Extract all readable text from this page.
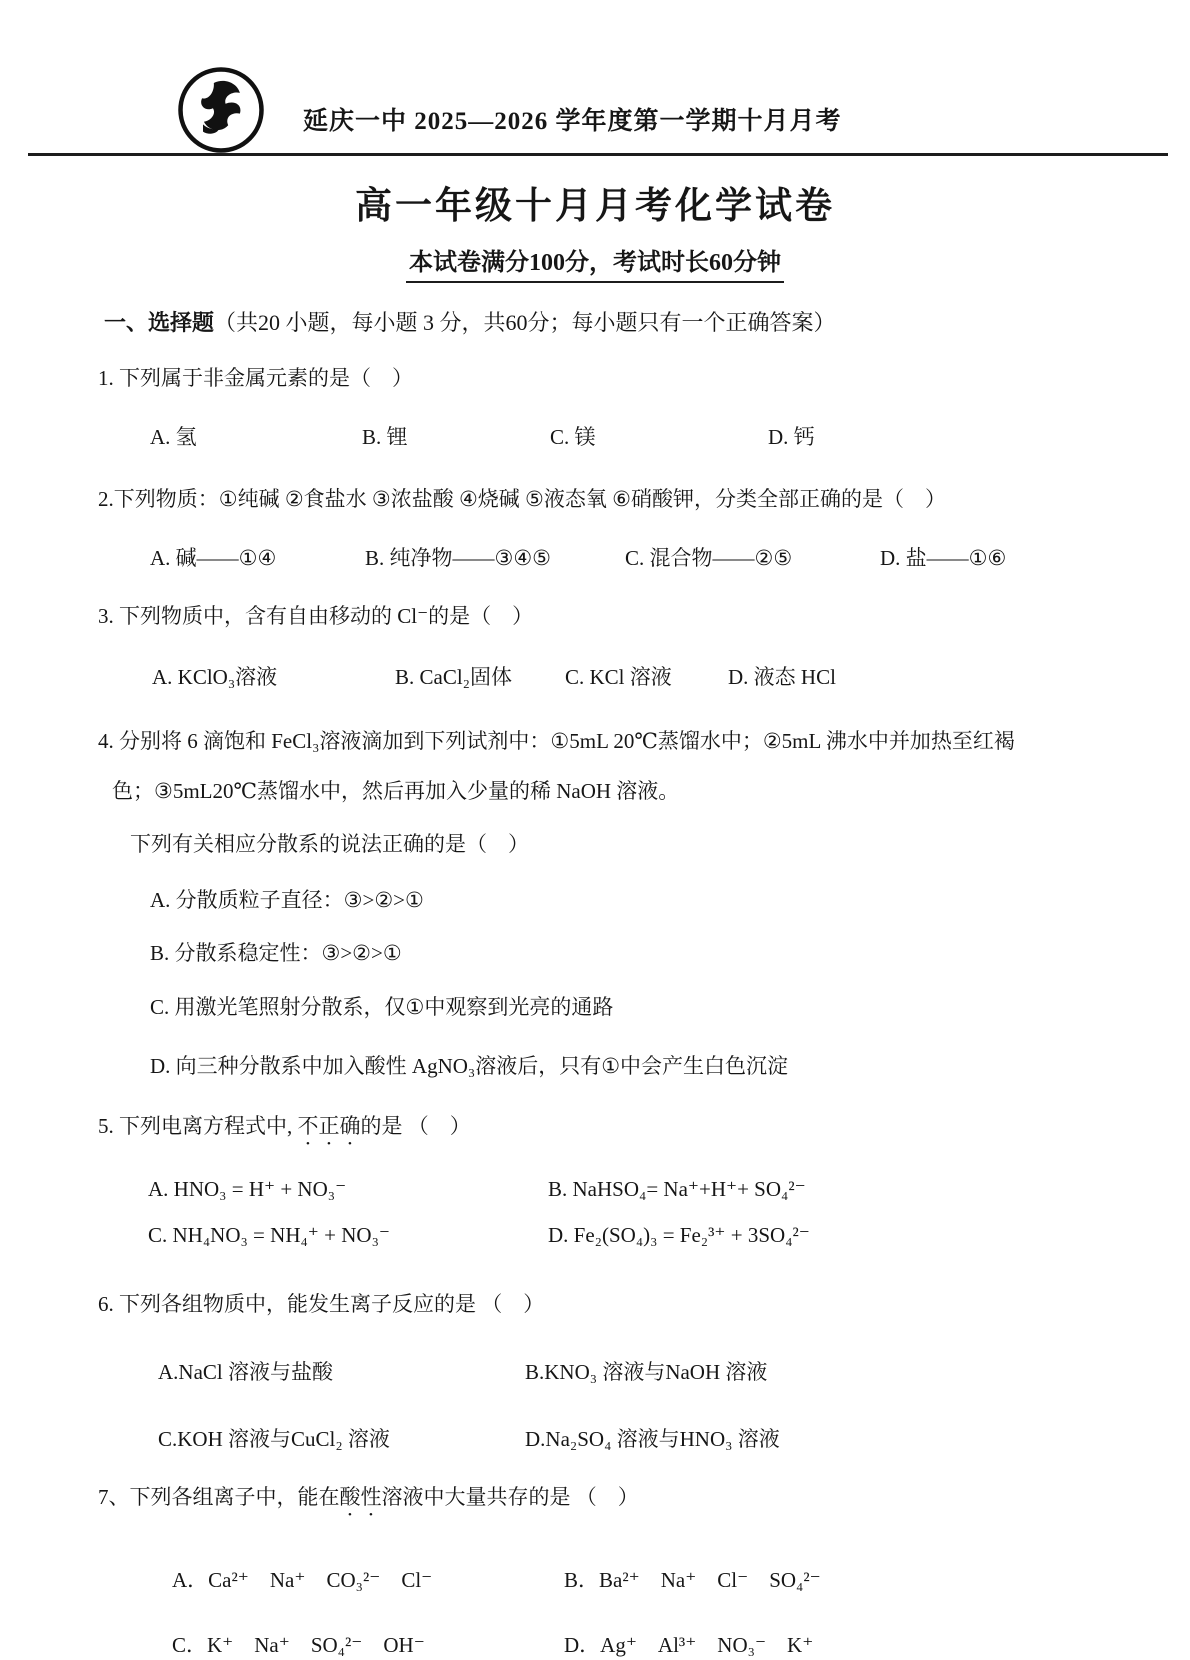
延庆一中 2025—2026 学年度第一学期十月月考
高一年级十月月考化学试卷
本试卷满分100分，考试时长60分钟
一、选择题（共20 小题，每小题 3 分，共60分；每小题只有一个正确答案）
1. 下列属于非金属元素的是（　）
A. 氢	B. 锂	C. 镁	D. 钙
2.下列物质：①纯碱 ②食盐水 ③浓盐酸 ④烧碱 ⑤液态氧 ⑥硝酸钾，分类全部正确的是（　）
A. 碱——①④	B. 纯净物——③④⑤	C. 混合物——②⑤	D. 盐——①⑥
3. 下列物质中，含有自由移动的 Cl⁻的是（　）
A. KClO₃溶液	B. CaCl₂固体	C. KCl 溶液	D. 液态 HCl
4. 分别将 6 滴饱和 FeCl₃溶液滴加到下列试剂中：①5mL 20℃蒸馏水中；②5mL 沸水中并加热至红褐
色；③5mL20℃蒸馏水中，然后再加入少量的稀 NaOH 溶液。
下列有关相应分散系的说法正确的是（　）
A. 分散质粒子直径：③>②>①
B. 分散系稳定性：③>②>①
C. 用激光笔照射分散系，仅①中观察到光亮的通路
D. 向三种分散系中加入酸性 AgNO₃溶液后，只有①中会产生白色沉淀
5. 下列电离方程式中, 不正确的是 （　）
A. HNO₃ = H⁺ + NO₃⁻	B. NaHSO₄= Na⁺+H⁺+ SO₄²⁻
C. NH₄NO₃ = NH₄⁺ + NO₃⁻	D. Fe₂(SO₄)₃ = Fe₂³⁺ + 3SO₄²⁻
6. 下列各组物质中，能发生离子反应的是 （　）
A.NaCl 溶液与盐酸	B.KNO₃ 溶液与NaOH 溶液
C.KOH 溶液与CuCl₂ 溶液	D.Na₂SO₄ 溶液与HNO₃ 溶液
7、下列各组离子中，能在酸性溶液中大量共存的是 （　）
A．Ca²⁺　Na⁺　CO₃²⁻　Cl⁻	B．Ba²⁺　Na⁺　Cl⁻　SO₄²⁻
C．K⁺　Na⁺　SO₄²⁻　OH⁻	D．Ag⁺　Al³⁺　NO₃⁻　K⁺
